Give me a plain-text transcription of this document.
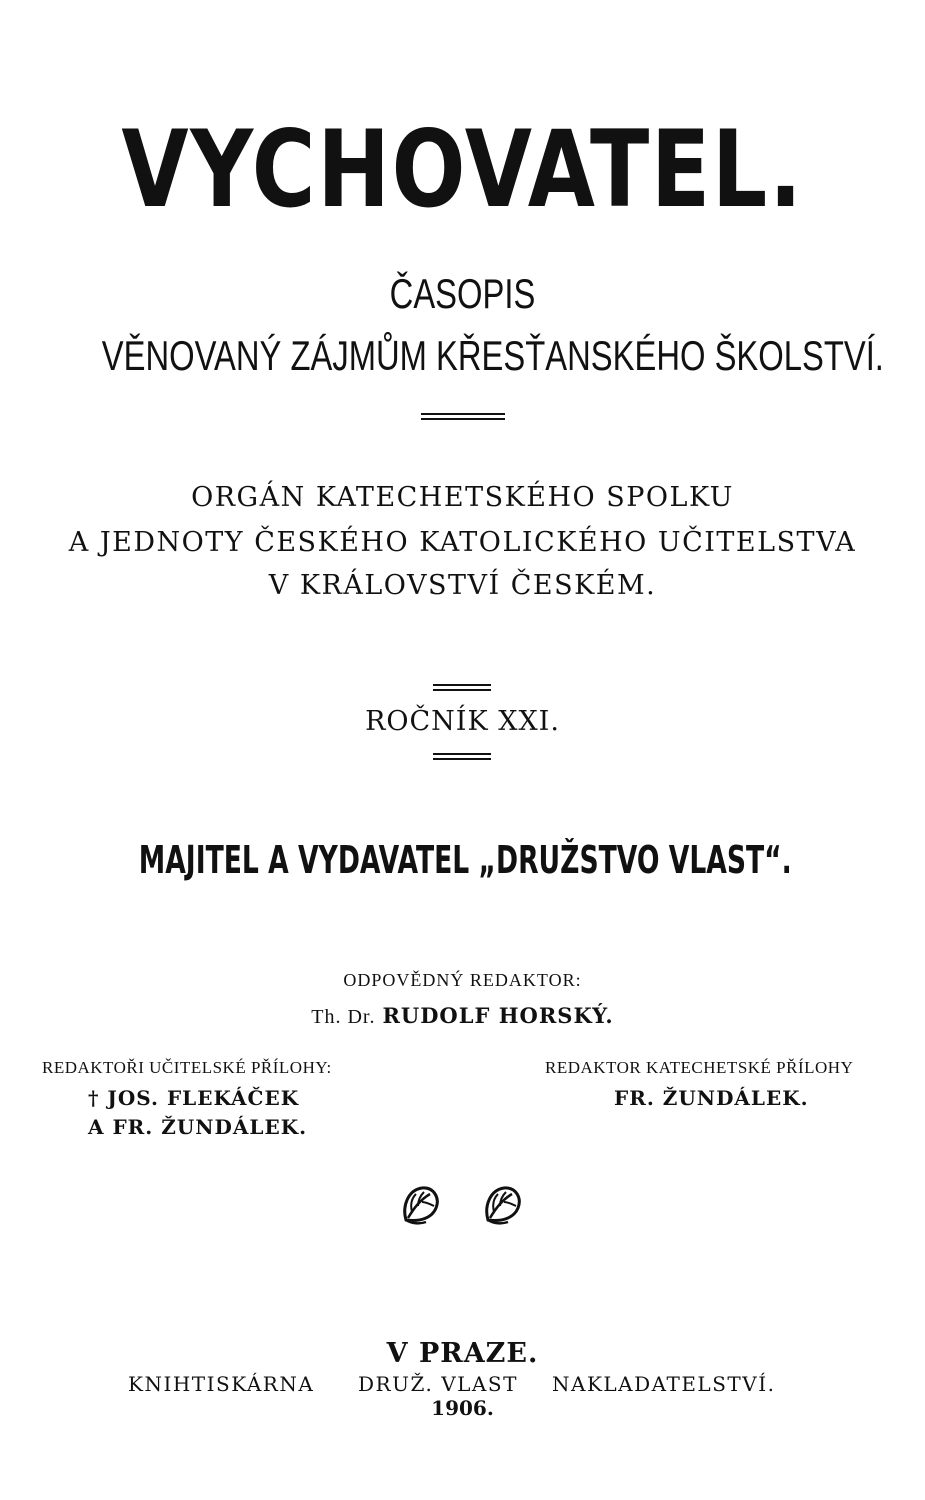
VYCHOVATEL.
ČASOPIS
VĚNOVANÝ ZÁJMŮM KŘESŤANSKÉHO ŠKOLSTVÍ.
ORGÁN KATECHETSKÉHO SPOLKU
A JEDNOTY ČESKÉHO KATOLICKÉHO UČITELSTVA
V KRÁLOVSTVÍ ČESKÉM.
ROČNÍK XXI.
MAJITEL A VYDAVATEL „DRUŽSTVO VLAST“.
ODPOVĚDNÝ REDAKTOR:
Th. Dr. RUDOLF HORSKÝ.
REDAKTOŘI UČITELSKÉ PŘÍLOHY:
† JOS. FLEKÁČEK
A FR. ŽUNDÁLEK.
REDAKTOR KATECHETSKÉ PŘÍLOHY
FR. ŽUNDÁLEK.
V PRAZE.
KNIHTISKÁRNA DRUŽ. VLAST NAKLADATELSTVÍ.
1906.
